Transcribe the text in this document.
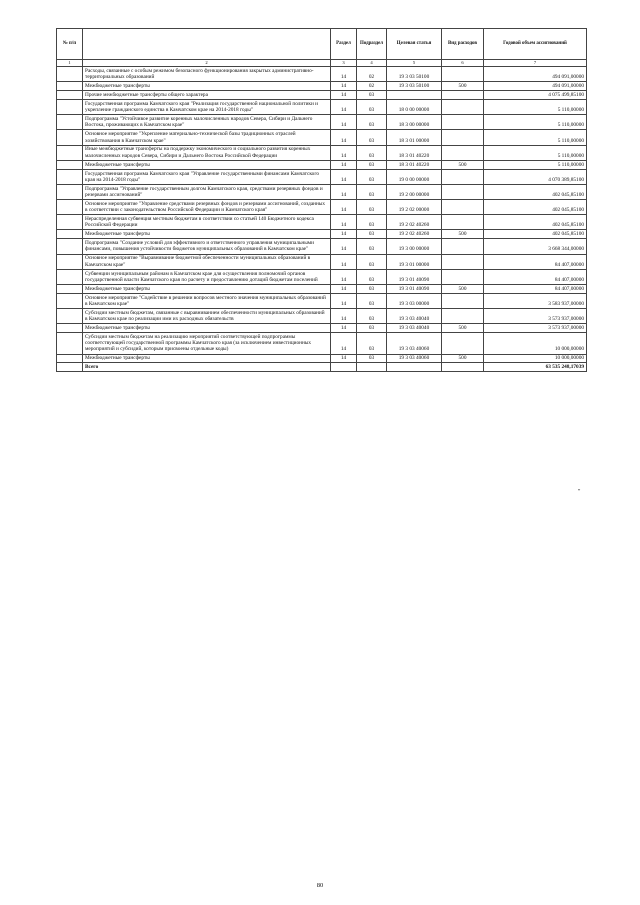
№ п/п		Раздел	Подраздел	Целевая статья	Вид расходов	Годовой объем ассигнований
1	2	3	4	5	6	7
	Расходы, связанные с особым режимом безопасного функционирования закрытых административно-территориальных образований	14	02	19 3 03 50100		494 091,00000
	Межбюджетные трансферты	14	02	19 3 03 50100	500	494 091,00000
	Прочие межбюджетные трансферты общего характера	14	03			4 075 499,85100
	Государственная программа Камчатского края "Реализация государственной национальной политики и укрепление гражданского единства в Камчатском крае на 2014-2018 годы"	14	03	18 0 00 00000		5 110,00000
	Подпрограмма "Устойчивое развитие коренных малочисленных народов Севера, Сибири и Дальнего Востока, проживающих в Камчатском крае"	14	03	18 3 00 00000		5 110,00000
	Основное мероприятие "Укрепление материально-технической базы традиционных отраслей хозяйствования в Камчатском крае"	14	03	18 3 01 00000		5 110,00000
	Иные межбюджетные трансферты на поддержку экономического и социального развития коренных малочисленных народов Севера, Сибири и Дальнего Востока Российской Федерации	14	03	18 3 01 40220		5 110,00000
	Межбюджетные трансферты	14	03	18 3 01 40220	500	5 110,00000
	Государственная программа Камчатского края "Управление государственными финансами Камчатского края на 2014-2018 годы"	14	03	19 0 00 00000		4 070 389,85100
	Подпрограмма "Управление государственным долгом Камчатского края, средствами резервных фондов и резервами ассигнований"	14	03	19 2 00 00000		402 045,85100
	Основное мероприятие "Управление средствами резервных фондов и резервами ассигнований, созданных в соответствии с законодательством Российской Федерации и Камчатского края"	14	03	19 2 02 00000		402 045,85100
	Нераспределенная субвенция местным бюджетам в соответствии со статьей 140 Бюджетного кодекса Российской Федерации	14	03	19 2 02 40260		402 045,85100
	Межбюджетные трансферты	14	03	19 2 02 40260	500	402 045,85100
	Подпрограмма "Создание условий для эффективного и ответственного управления муниципальными финансами, повышения устойчивости бюджетов муниципальных образований в Камчатском крае"	14	03	19 3 00 00000		3 668 344,00000
	Основное мероприятие "Выравнивание бюджетной обеспеченности муниципальных образований в Камчатском крае"	14	03	19 3 01 00000		84 407,00000
	Субвенции муниципальным районам в Камчатском крае для осуществления полномочий органов государственной власти Камчатского края по расчету и предоставлению дотаций бюджетам поселений	14	03	19 3 01 40090		84 407,00000
	Межбюджетные трансферты	14	03	19 3 01 40090	500	84 407,00000
	Основное мероприятие "Содействие в решении вопросов местного значения муниципальных образований в Камчатском крае"	14	03	19 3 03 00000		3 583 937,00000
	Субсидии местным бюджетам, связанные с выравниванием обеспеченности муниципальных образований в Камчатском крае по реализации ими их расходных обязательств	14	03	19 3 03 40040		3 573 937,00000
	Межбюджетные трансферты	14	03	19 3 03 40040	500	3 573 937,00000
	Субсидии местным бюджетам на реализацию мероприятий соответствующей подпрограммы соответствующей государственной программы Камчатского края (за исключением инвестиционных мероприятий и субсидий, которым присвоены отдельные коды)	14	03	19 3 03 40060		10 000,00000
	Межбюджетные трансферты	14	03	19 3 03 40060	500	10 000,00000
	Всего					63 535 248,17039
"
80
